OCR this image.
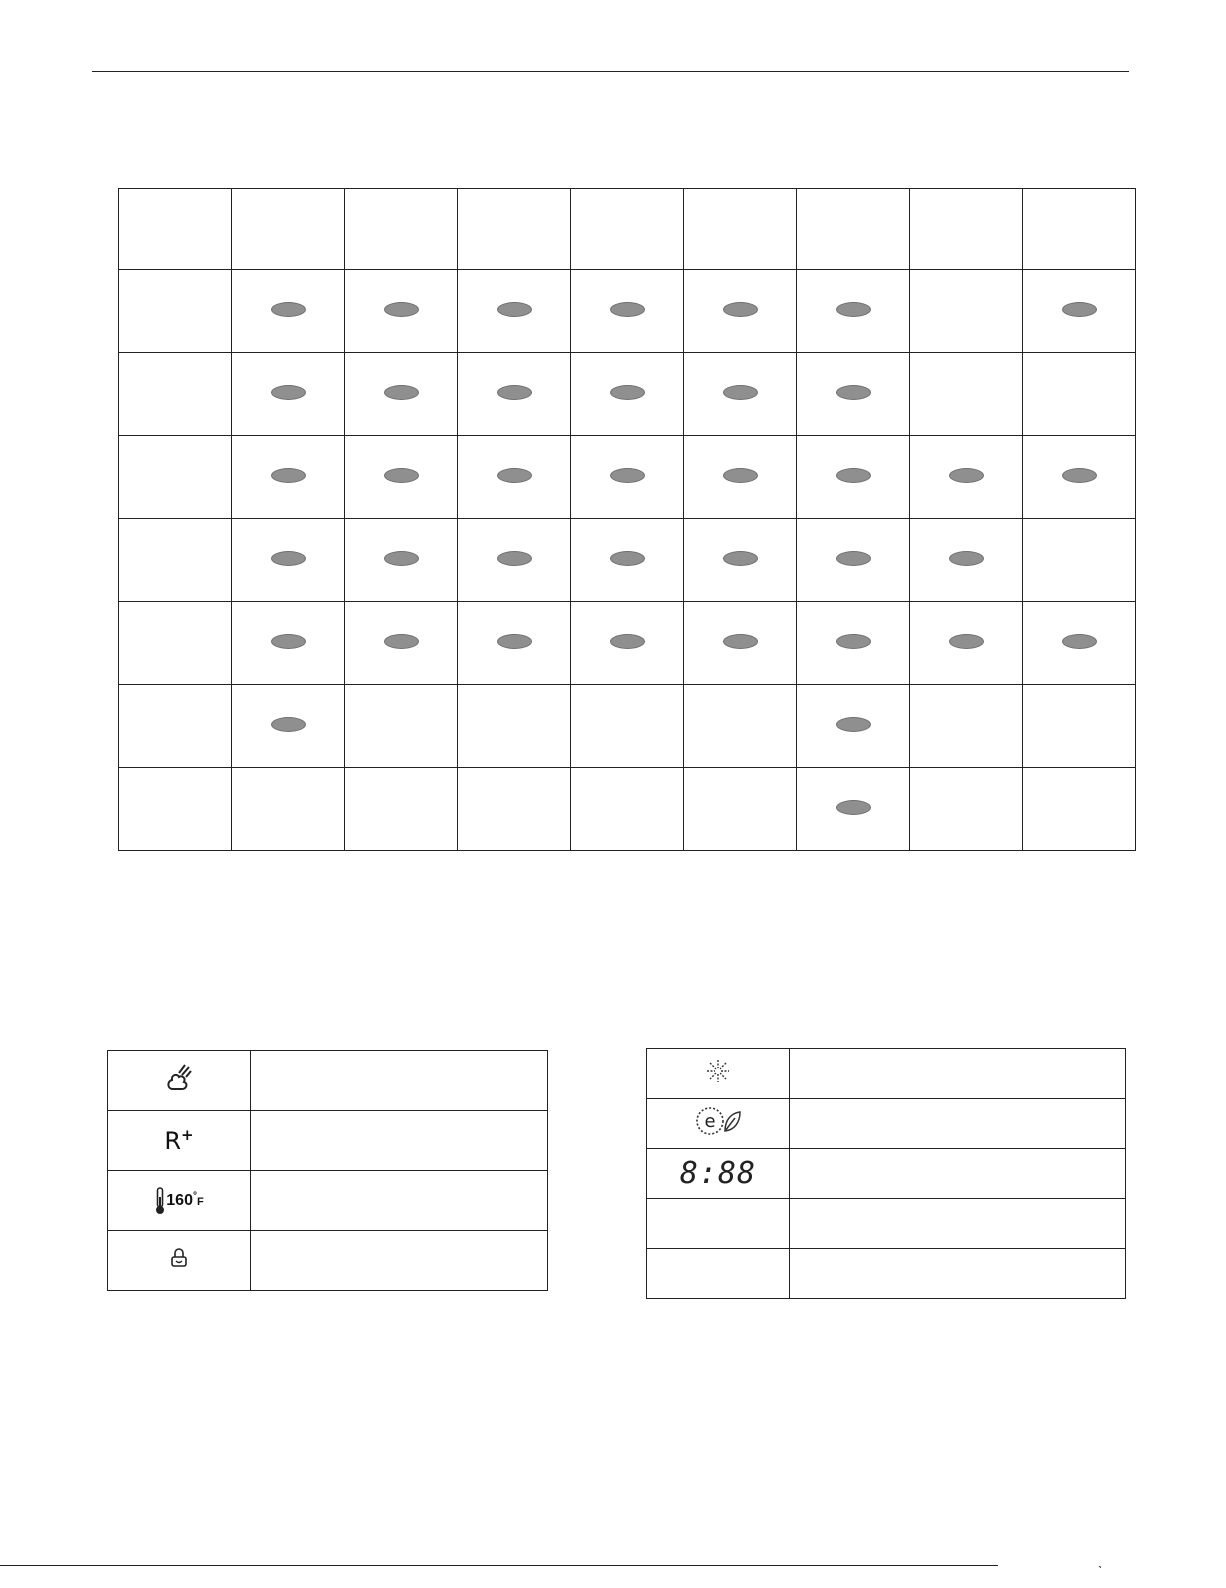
R+	
160°F	

e	

8:88	

ˎ
